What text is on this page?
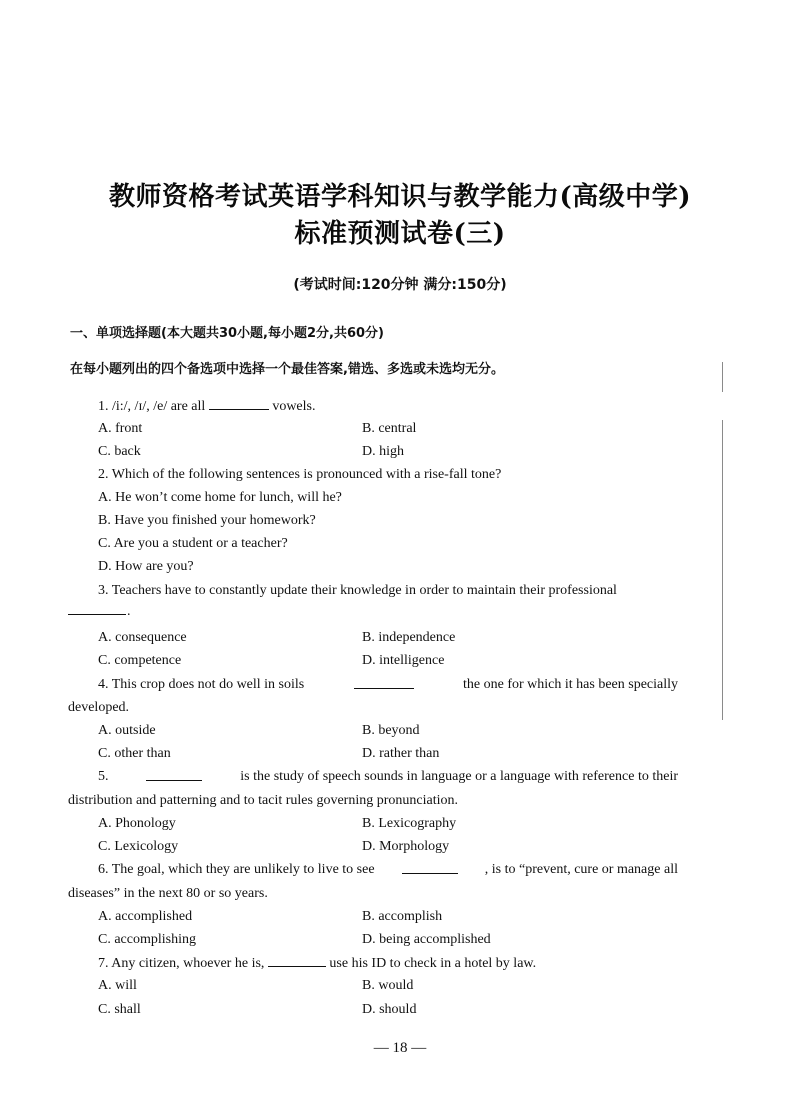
教师资格考试英语学科知识与教学能力(高级中学)
标准预测试卷(三)
(考试时间:120分钟 满分:150分)
一、单项选择题(本大题共30小题,每小题2分,共60分)
在每小题列出的四个备选项中选择一个最佳答案,错选、多选或未选均无分。
1. /i:/, /ɪ/, /e/ are all	vowels.
A. front	B. central
C. back	D. high
2. Which of the following sentences is pronounced with a rise-fall tone?
A. He won’t come home for lunch, will he?
B. Have you finished your homework?
C. Are you a student or a teacher?
D. How are you?
3. Teachers have to constantly update their knowledge in order to maintain their professional
.
A. consequence	B. independence
C. competence	D. intelligence
4. This crop does not do well in soils	the one for which it has been specially
developed.
A. outside	B. beyond
C. other than	D. rather than
5.	is the study of speech sounds in language or a language with reference to their
distribution and patterning and to tacit rules governing pronunciation.
A. Phonology	B. Lexicography
C. Lexicology	D. Morphology
6. The goal, which they are unlikely to live to see	, is to “prevent, cure or manage all
diseases” in the next 80 or so years.
A. accomplished	B. accomplish
C. accomplishing	D. being accomplished
7. Any citizen, whoever he is,	use his ID to check in a hotel by law.
A. will	B. would
C. shall	D. should
— 18 —
